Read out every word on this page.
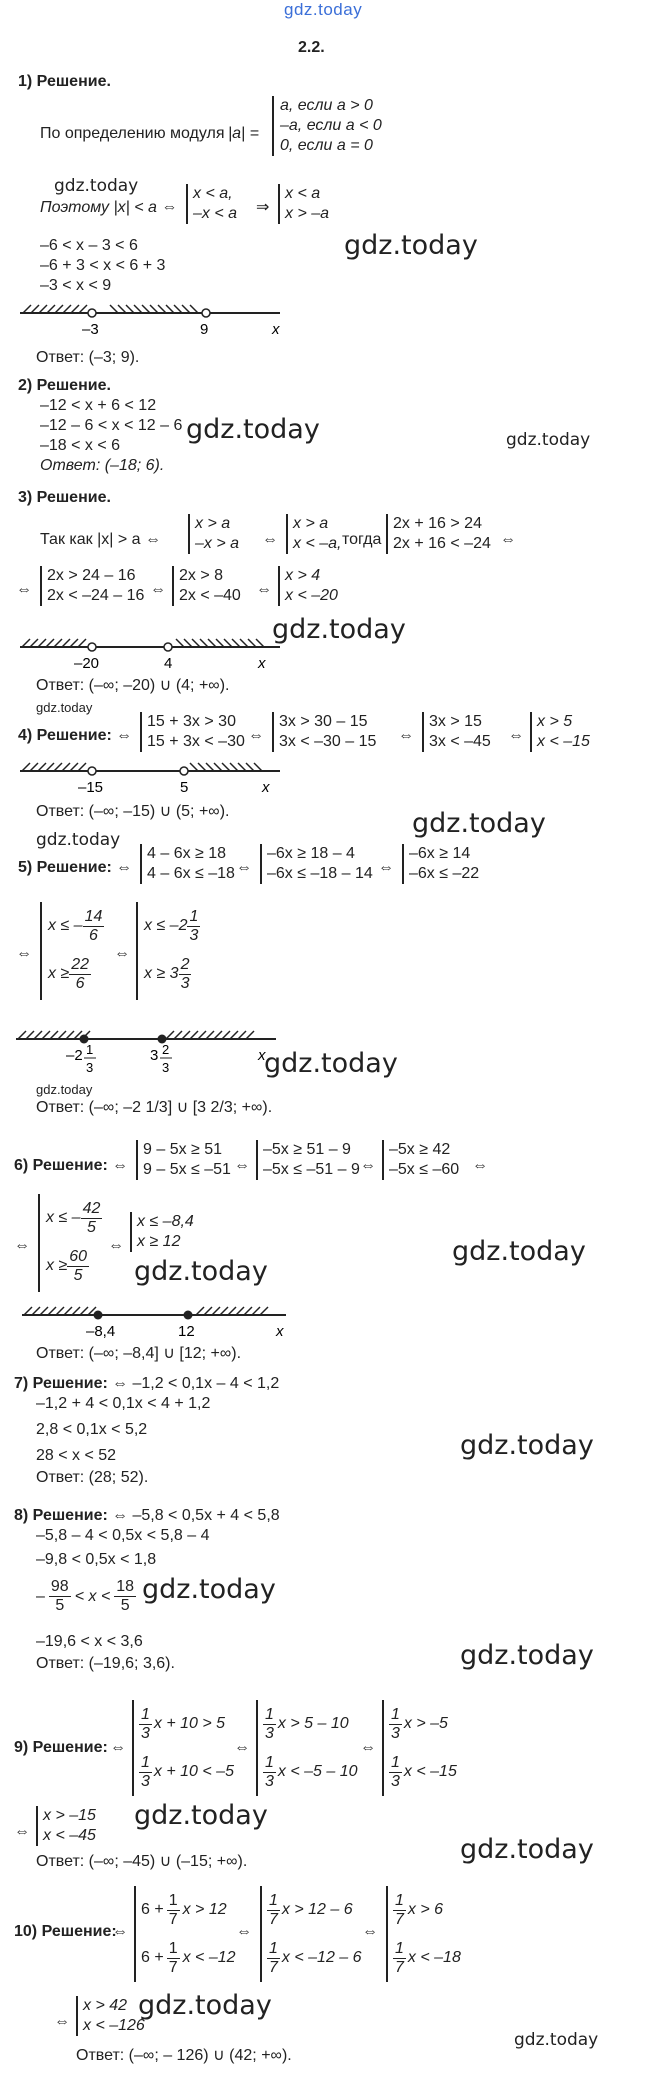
gdz.today
2.2.
1) Решение.
По определению модуля |a| =
a, если a > 0
–a, если a < 0
0, если a = 0
gdz.today
Поэтому |x| < a ⇔
x < a,
–x < a ⇒
x < a
x > –a
gdz.today
–6 < x – 3 < 6
–6 + 3 < x < 6 + 3
–3 < x < 9
–3	9	x
Ответ: (–3; 9).
2) Решение.
–12 < x + 6 < 12
–12 – 6 < x < 12 – 6
–18 < x < 6
Ответ: (–18; 6).
gdz.today	gdz.today
3) Решение.
Так как |x| > a ⇔
x > a
–x > a ⇔
x > a
x < –a, тогда
2x + 16 > 24
2x + 16 < –24 ⇔
⇔
2x > 24 – 16
2x < –24 – 16 ⇔
2x > 8
2x < –40 ⇔
x > 4
x < –20
gdz.today
–20	4	x
Ответ: (–∞; –20) ∪ (4; +∞).
gdz.today
4) Решение: ⇔
15 + 3x > 30
15 + 3x < –30 ⇔
3x > 30 – 15
3x < –30 – 15 ⇔
3x > 15
3x < –45 ⇔
x > 5
x < –15
–15	5	x
Ответ: (–∞; –15) ∪ (5; +∞).	gdz.today
gdz.today
5) Решение: ⇔
4 – 6x ≥ 18
4 – 6x ≤ –18 ⇔
–6x ≥ 18 – 4
–6x ≤ –18 – 14 ⇔
–6x ≥ 14
–6x ≤ –22
⇔
x ≤ – $\frac{14}{6}$
$x \ge \frac{22}{6}$
⇔
$x \le -2 \frac{1}{3}$
$x \ge 3 \frac{2}{3}$
–2 1
3
3 2
3
x
gdz.today
gdz.today
Ответ: (–∞; –2 1/3] ∪ [3 2/3; +∞).
6) Решение: ⇔
9 – 5x ≥ 51
9 – 5x ≤ –51 ⇔
–5x ≥ 51 – 9
–5x ≤ –51 – 9 ⇔
–5x ≥ 42
–5x ≤ –60 ⇔
⇔
x ≤ – $\frac{42}{5}$
$x \ge \frac{60}{5}$
⇔
x ≤ –8,4
x ≥ 12	gdz.today
gdz.today
–8,4	12	x
Ответ: (–∞; –8,4] ∪ [12; +∞).
7) Решение: ⇔ –1,2 < 0,1x – 4 < 1,2
–1,2 + 4 < 0,1x < 4 + 1,2
2,8 < 0,1x < 5,2
28 < x < 52
Ответ: (28; 52).
gdz.today
8) Решение: ⇔ –5,8 < 0,5x + 4 < 5,8
–5,8 – 4 < 0,5x < 5,8 – 4
–9,8 < 0,5x < 1,8
– $\frac{98}{5} < x < \frac{18}{5}$ gdz.today
–19,6 < x < 3,6
Ответ: (–19,6; 3,6).	gdz.today
9) Решение: ⇔
$\frac{1}{3}$ x + 10 > 5
$\frac{1}{3}$ x + 10 < –5
⇔
$\frac{1}{3}$ x > 5 – 10
$\frac{1}{3}$ x < –5 – 10
⇔
$\frac{1}{3}$ x > –5
$\frac{1}{3}$ x < –15
⇔
x > –15
x < –45
gdz.today
gdz.today
Ответ: (–∞; –45) ∪ (–15; +∞).
10) Решение:
⇔
$6 + \frac{1}{7}$ x > 12
$6 + \frac{1}{7}$ x < –12
⇔
$\frac{1}{7}$ x > 12 – 6
$\frac{1}{7}$ x < –12 – 6
⇔
$\frac{1}{7}$ x > 6
$\frac{1}{7}$ x < –18
⇔
x > 42
x < –126
gdz.today
gdz.today
Ответ: (–∞; – 126) ∪ (42; +∞).
